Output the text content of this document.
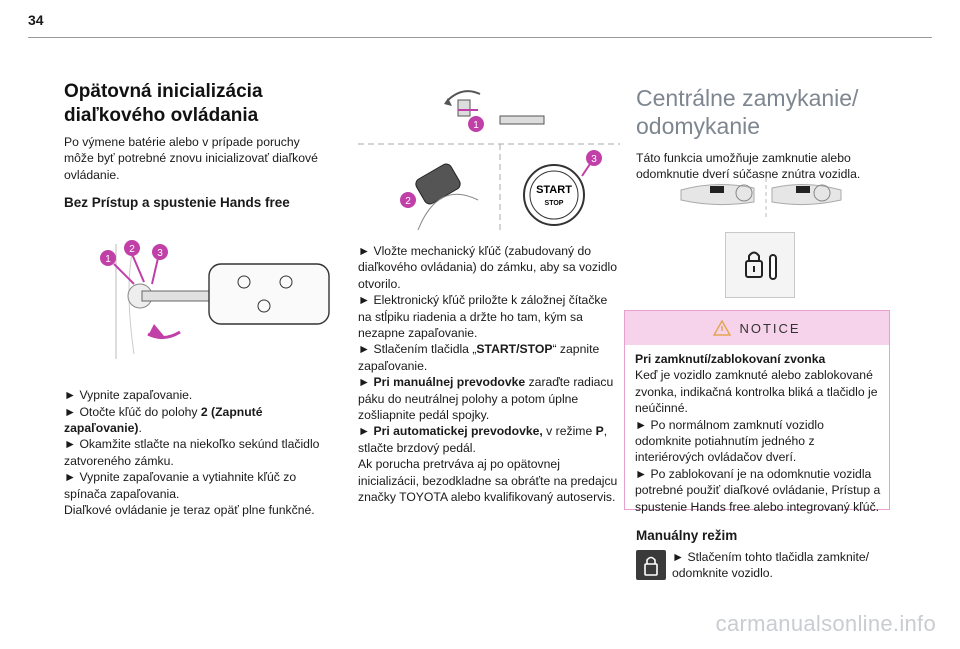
34
Opätovná inicializácia
diaľkového ovládania
Po výmene batérie alebo v prípade poruchy
môže byť potrebné znovu inicializovať diaľkové
ovládanie.
Bez Prístup a spustenie Hands free
1
2 3
► Vypnite zapaľovanie.
► Otočte kľúč do polohy 2 (Zapnuté
zapaľovanie).
► Okamžite stlačte na niekoľko sekúnd tlačidlo
zatvoreného zámku.
► Vypnite zapaľovanie a vytiahnite kľúč zo
spínača zapaľovania.
Diaľkové ovládanie je teraz opäť plne funkčné.
1
2
START
STOP
3
► Vložte mechanický kľúč (zabudovaný do
diaľkového ovládania) do zámku, aby sa vozidlo
otvorilo.
► Elektronický kľúč priložte k záložnej čítačke
na stĺpiku riadenia a držte ho tam, kým sa
nezapne zapaľovanie.
► Stlačením tlačidla „START/STOP“ zapnite
zapaľovanie.
► Pri manuálnej prevodovke zaraďte radiacu
páku do neutrálnej polohy a potom úplne
zošliapnite pedál spojky.
► Pri automatickej prevodovke, v režime P,
stlačte brzdový pedál.
Ak porucha pretrváva aj po opätovnej
inicializácii, bezodkladne sa obráťte na predajcu
značky TOYOTA alebo kvalifikovaný autoservis.
Centrálne zamykanie/
odomykanie
Táto funkcia umožňuje zamknutie alebo
odomknutie dverí súčasne znútra vozidla.
NOTICE
Pri zamknutí/zablokovaní zvonka
Keď je vozidlo zamknuté alebo zablokované
zvonka, indikačná kontrolka bliká a tlačidlo je
neúčinné.
► Po normálnom zamknutí vozidlo
odomknite potiahnutím jedného z
interiérových ovládačov dverí.
► Po zablokovaní je na odomknutie vozidla
potrebné použiť diaľkové ovládanie, Prístup a
spustenie Hands free alebo integrovaný kľúč.
Manuálny režim
► Stlačením tohto tlačidla zamknite/
odomknite vozidlo.
carmanualsonline.info
